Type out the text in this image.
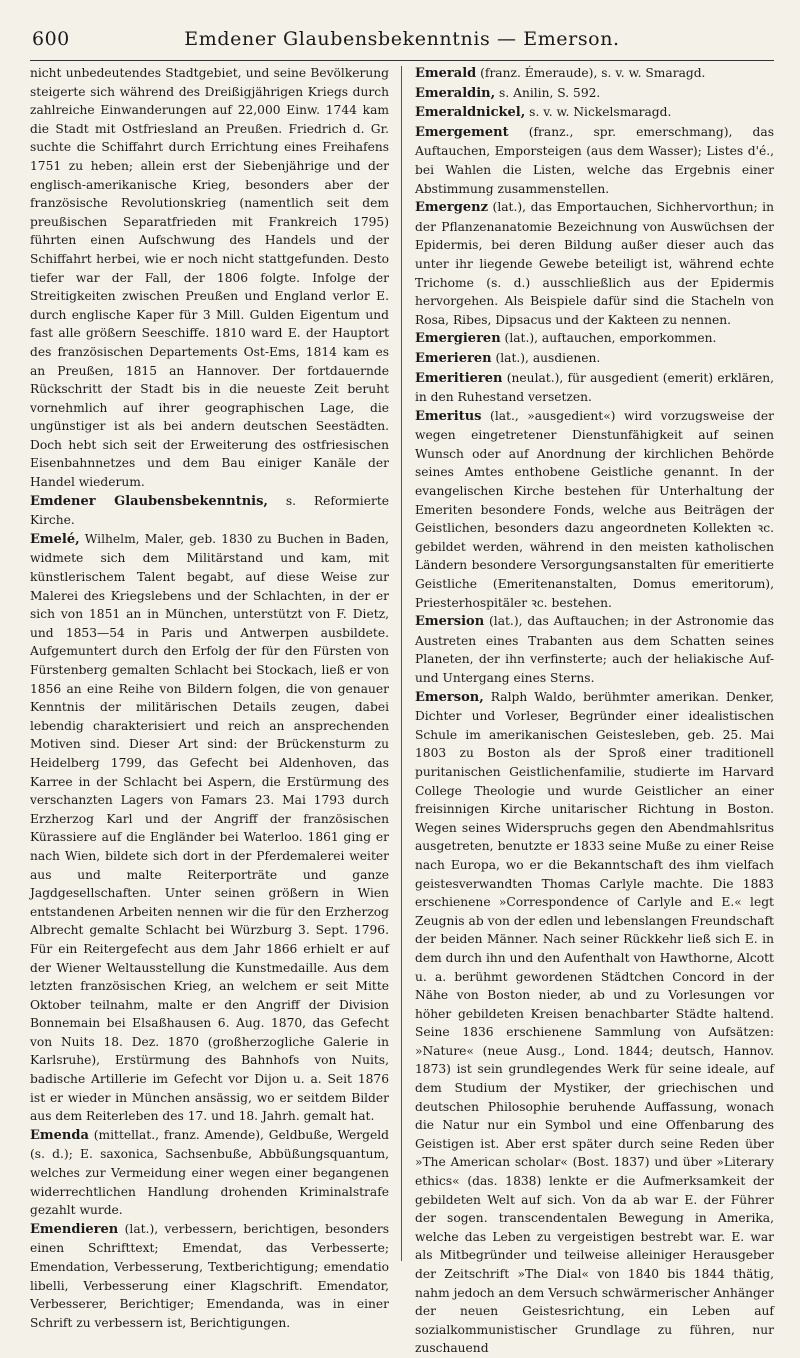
600	Emdener Glaubensbekenntnis — Emerson.

nicht unbedeutendes Stadtgebiet, und seine Bevölkerung steigerte sich während des Dreißigjährigen Kriegs durch zahlreiche Einwanderungen auf 22,000 Einw. 1744 kam die Stadt mit Ostfriesland an Preußen. Friedrich d. Gr. suchte die Schiffahrt durch Errichtung eines Freihafens 1751 zu heben; allein erst der Siebenjährige und der englisch-amerikanische Krieg, besonders aber der französische Revolutionskrieg (namentlich seit dem preußischen Separatfrieden mit Frankreich 1795) führten einen Aufschwung des Handels und der Schiffahrt herbei, wie er noch nicht stattgefunden. Desto tiefer war der Fall, der 1806 folgte. Infolge der Streitigkeiten zwischen Preußen und England verlor E. durch englische Kaper für 3 Mill. Gulden Eigentum und fast alle größern Seeschiffe. 1810 ward E. der Hauptort des französischen Departements Ost-Ems, 1814 kam es an Preußen, 1815 an Hannover. Der fortdauernde Rückschritt der Stadt bis in die neueste Zeit beruht vornehmlich auf ihrer geographischen Lage, die ungünstiger ist als bei andern deutschen Seestädten. Doch hebt sich seit der Erweiterung des ostfriesischen Eisenbahnnetzes und dem Bau einiger Kanäle der Handel wiederum.

Emdener Glaubensbekenntnis, s. Reformierte Kirche.

Emelé, Wilhelm, Maler, geb. 1830 zu Buchen in Baden, widmete sich dem Militärstand und kam, mit künstlerischem Talent begabt, auf diese Weise zur Malerei des Kriegslebens und der Schlachten, in der er sich von 1851 an in München, unterstützt von F. Dietz, und 1853—54 in Paris und Antwerpen ausbildete. Aufgemuntert durch den Erfolg der für den Fürsten von Fürstenberg gemalten Schlacht bei Stockach, ließ er von 1856 an eine Reihe von Bildern folgen, die von genauer Kenntnis der militärischen Details zeugen, dabei lebendig charakterisiert und reich an ansprechenden Motiven sind. Dieser Art sind: der Brückensturm zu Heidelberg 1799, das Gefecht bei Aldenhoven, das Karree in der Schlacht bei Aspern, die Erstürmung des verschanzten Lagers von Famars 23. Mai 1793 durch Erzherzog Karl und der Angriff der französischen Kürassiere auf die Engländer bei Waterloo. 1861 ging er nach Wien, bildete sich dort in der Pferdemalerei weiter aus und malte Reiterporträte und ganze Jagdgesellschaften. Unter seinen größern in Wien entstandenen Arbeiten nennen wir die für den Erzherzog Albrecht gemalte Schlacht bei Würzburg 3. Sept. 1796. Für ein Reitergefecht aus dem Jahr 1866 erhielt er auf der Wiener Weltausstellung die Kunstmedaille. Aus dem letzten französischen Krieg, an welchem er seit Mitte Oktober teilnahm, malte er den Angriff der Division Bonnemain bei Elsaßhausen 6. Aug. 1870, das Gefecht von Nuits 18. Dez. 1870 (großherzogliche Galerie in Karlsruhe), Erstürmung des Bahnhofs von Nuits, badische Artillerie im Gefecht vor Dijon u. a. Seit 1876 ist er wieder in München ansässig, wo er seitdem Bilder aus dem Reiterleben des 17. und 18. Jahrh. gemalt hat.

Emenda (mittellat., franz. Amende), Geldbuße, Wergeld (s. d.); E. saxonica, Sachsenbuße, Abbüßungsquantum, welches zur Vermeidung einer wegen einer begangenen widerrechtlichen Handlung drohenden Kriminalstrafe gezahlt wurde.

Emendieren (lat.), verbessern, berichtigen, besonders einen Schrifttext; Emendat, das Verbesserte; Emendation, Verbesserung, Textberichtigung; emendatio libelli, Verbesserung einer Klagschrift. Emendator, Verbesserer, Berichtiger; Emendanda, was in einer Schrift zu verbessern ist, Berichtigungen.

Emerald (franz. Émeraude), s. v. w. Smaragd.

Emeraldin, s. Anilin, S. 592.

Emeraldnickel, s. v. w. Nickelsmaragd.

Emergement (franz., spr. emerschmang), das Auftauchen, Emporsteigen (aus dem Wasser); Listes d'é., bei Wahlen die Listen, welche das Ergebnis einer Abstimmung zusammenstellen.

Emergenz (lat.), das Emportauchen, Sichhervorthun; in der Pflanzenanatomie Bezeichnung von Auswüchsen der Epidermis, bei deren Bildung außer dieser auch das unter ihr liegende Gewebe beteiligt ist, während echte Trichome (s. d.) ausschließlich aus der Epidermis hervorgehen. Als Beispiele dafür sind die Stacheln von Rosa, Ribes, Dipsacus und der Kakteen zu nennen.

Emergieren (lat.), auftauchen, emporkommen.

Emerieren (lat.), ausdienen.

Emeritieren (neulat.), für ausgedient (emerit) erklären, in den Ruhestand versetzen.

Emeritus (lat., »ausgedient«) wird vorzugsweise der wegen eingetretener Dienstunfähigkeit auf seinen Wunsch oder auf Anordnung der kirchlichen Behörde seines Amtes enthobene Geistliche genannt. In der evangelischen Kirche bestehen für Unterhaltung der Emeriten besondere Fonds, welche aus Beiträgen der Geistlichen, besonders dazu angeordneten Kollekten ꝛc. gebildet werden, während in den meisten katholischen Ländern besondere Versorgungsanstalten für emeritierte Geistliche (Emeritenanstalten, Domus emeritorum), Priesterhospitäler ꝛc. bestehen.

Emersion (lat.), das Auftauchen; in der Astronomie das Austreten eines Trabanten aus dem Schatten seines Planeten, der ihn verfinsterte; auch der heliakische Auf- und Untergang eines Sterns.

Emerson, Ralph Waldo, berühmter amerikan. Denker, Dichter und Vorleser, Begründer einer idealistischen Schule im amerikanischen Geistesleben, geb. 25. Mai 1803 zu Boston als der Sproß einer traditionell puritanischen Geistlichenfamilie, studierte im Harvard College Theologie und wurde Geistlicher an einer freisinnigen Kirche unitarischer Richtung in Boston. Wegen seines Widerspruchs gegen den Abendmahlsritus ausgetreten, benutzte er 1833 seine Muße zu einer Reise nach Europa, wo er die Bekanntschaft des ihm vielfach geistesverwandten Thomas Carlyle machte. Die 1883 erschienene »Correspondence of Carlyle and E.« legt Zeugnis ab von der edlen und lebenslangen Freundschaft der beiden Männer. Nach seiner Rückkehr ließ sich E. in dem durch ihn und den Aufenthalt von Hawthorne, Alcott u. a. berühmt gewordenen Städtchen Concord in der Nähe von Boston nieder, ab und zu Vorlesungen vor höher gebildeten Kreisen benachbarter Städte haltend. Seine 1836 erschienene Sammlung von Aufsätzen: »Nature« (neue Ausg., Lond. 1844; deutsch, Hannov. 1873) ist sein grundlegendes Werk für seine ideale, auf dem Studium der Mystiker, der griechischen und deutschen Philosophie beruhende Auffassung, wonach die Natur nur ein Symbol und eine Offenbarung des Geistigen ist. Aber erst später durch seine Reden über »The American scholar« (Bost. 1837) und über »Literary ethics« (das. 1838) lenkte er die Aufmerksamkeit der gebildeten Welt auf sich. Von da ab war E. der Führer der sogen. transcendentalen Bewegung in Amerika, welche das Leben zu vergeistigen bestrebt war. E. war als Mitbegründer und teilweise alleiniger Herausgeber der Zeitschrift »The Dial« von 1840 bis 1844 thätig, nahm jedoch an dem Versuch schwärmerischer Anhänger der neuen Geistesrichtung, ein Leben auf sozialkommunistischer Grundlage zu führen, nur zuschauend
